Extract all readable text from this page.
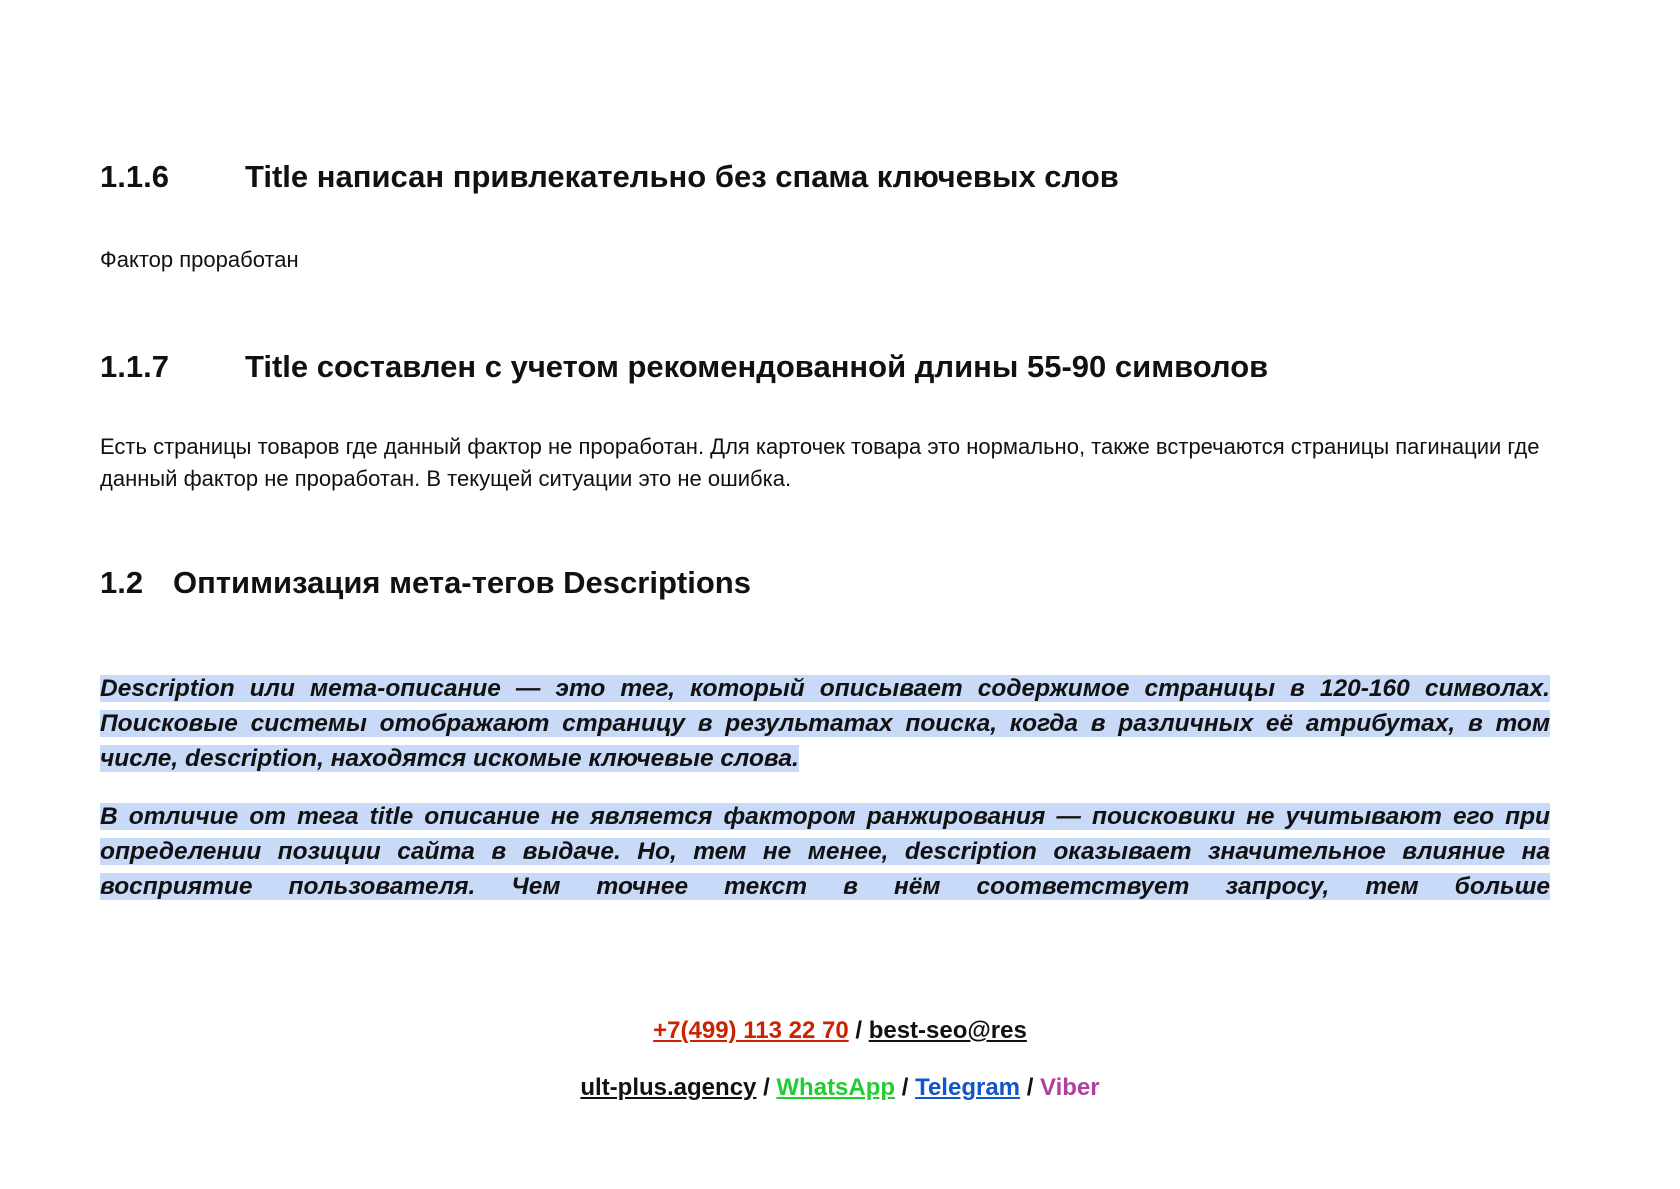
1.1.6 Title написан привлекательно без спама ключевых слов
Фактор проработан
1.1.7 Title составлен с учетом рекомендованной длины 55-90 символов
Есть страницы товаров где данный фактор не проработан. Для карточек товара это нормально, также встречаются страницы пагинации где данный фактор не проработан. В текущей ситуации это не ошибка.
1.2 Оптимизация мета-тегов Descriptions
Description или мета-описание — это тег, который описывает содержимое страницы в 120-160 символах. Поисковые системы отображают страницу в результатах поиска, когда в различных её атрибутах, в том числе, description, находятся искомые ключевые слова.
В отличие от тега title описание не является фактором ранжирования — поисковики не учитывают его при определении позиции сайта в выдаче. Но, тем не менее, description оказывает значительное влияние на восприятие пользователя. Чем точнее текст в нём соответствует запросу, тем больше
+7(499) 113 22 70 / best-seo@res
ult-plus.agency / WhatsApp / Telegram / Viber
